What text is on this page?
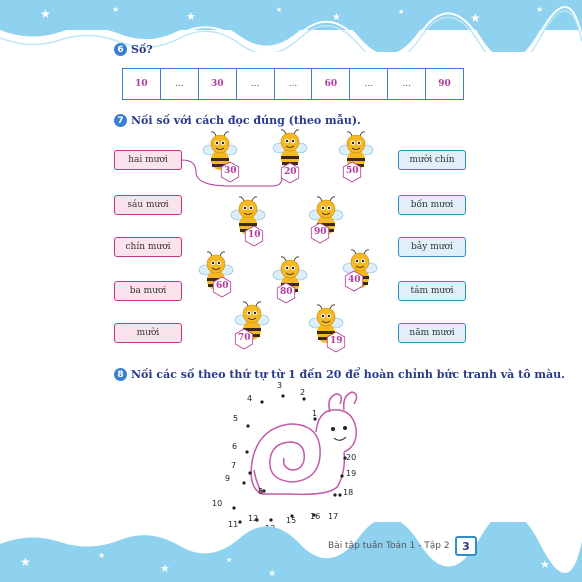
★	★
★	★
★	★	★
★
6 Số?
10	...	30	...	...	60	...	...	90
7 Nối số với cách đọc đúng (theo mẫu).
hai mươi
sáu mươi
chín mươi
ba mươi
mười
mười chín
bốn mươi
bảy mươi
tám mươi
năm mươi
30	20	50
10	90
60
80
40
70	19
8 Nối các số theo thứ tự từ 1 đến 20 để hoàn chỉnh bức tranh và tô màu.
1
2
3
4
5
6
7
8
9
10
11
12	15 16 17
18
19
20
★	★
★
★
★
★
Bài tập tuần Toán 1 - Tập 2	3
